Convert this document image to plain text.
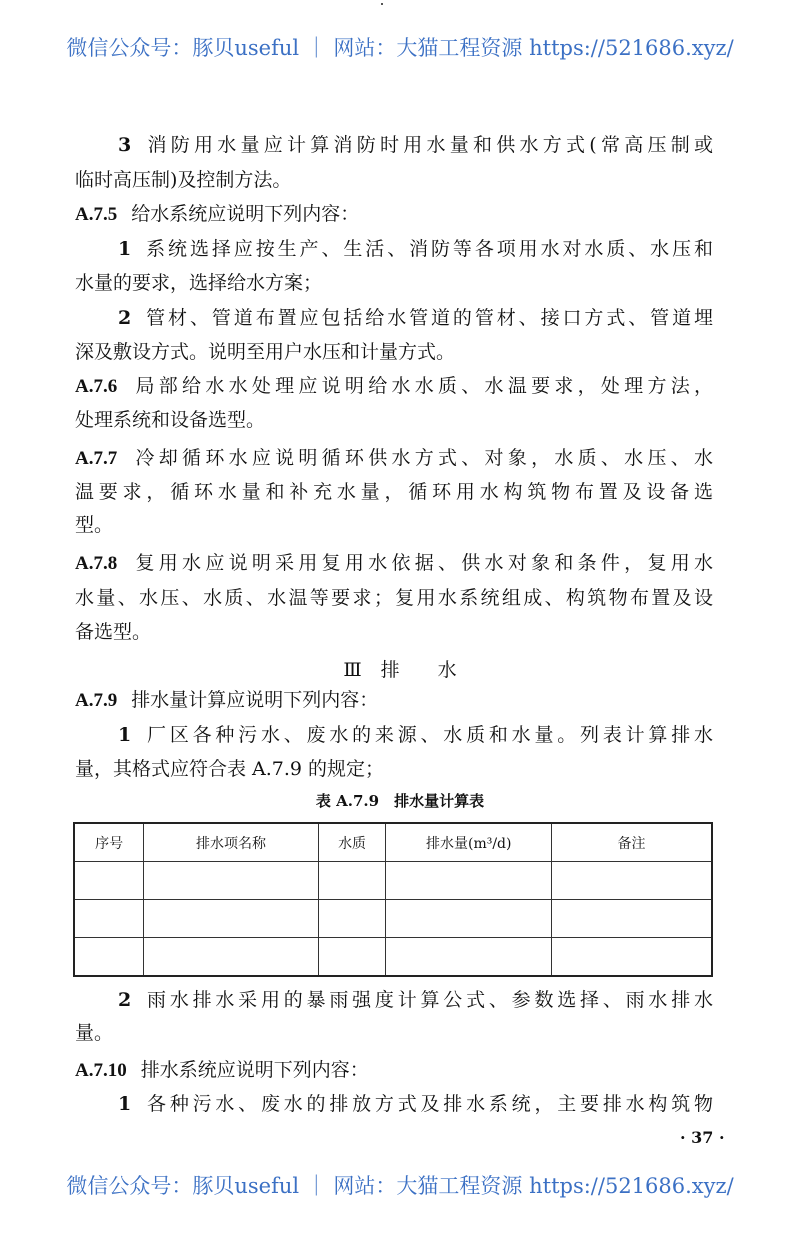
微信公众号：豚贝useful ｜ 网站：大猫工程资源 https://521686.xyz/
3 消防用水量应计算消防时用水量和供水方式(常高压制或
临时高压制)及控制方法。
A.7.5 给水系统应说明下列内容：
1 系统选择应按生产、生活、消防等各项用水对水质、水压和
水量的要求，选择给水方案；
2 管材、管道布置应包括给水管道的管材、接口方式、管道埋
深及敷设方式。说明至用户水压和计量方式。
A.7.6 局部给水水处理应说明给水水质、水温要求，处理方法，
处理系统和设备选型。
A.7.7 冷却循环水应说明循环供水方式、对象，水质、水压、水
温要求，循环水量和补充水量，循环用水构筑物布置及设备选
型。
A.7.8 复用水应说明采用复用水依据、供水对象和条件，复用水
水量、水压、水质、水温等要求；复用水系统组成、构筑物布置及设
备选型。
Ⅲ　排　　水
A.7.9 排水量计算应说明下列内容：
1 厂区各种污水、废水的来源、水质和水量。列表计算排水
量，其格式应符合表 A.7.9 的规定；
表 A.7.9　排水量计算表
序号	排水项名称	水质	排水量(m³/d)	备注

2 雨水排水采用的暴雨强度计算公式、参数选择、雨水排水
量。
A.7.10 排水系统应说明下列内容：
1 各种污水、废水的排放方式及排水系统，主要排水构筑物
· 37 ·
微信公众号：豚贝useful ｜ 网站：大猫工程资源 https://521686.xyz/
